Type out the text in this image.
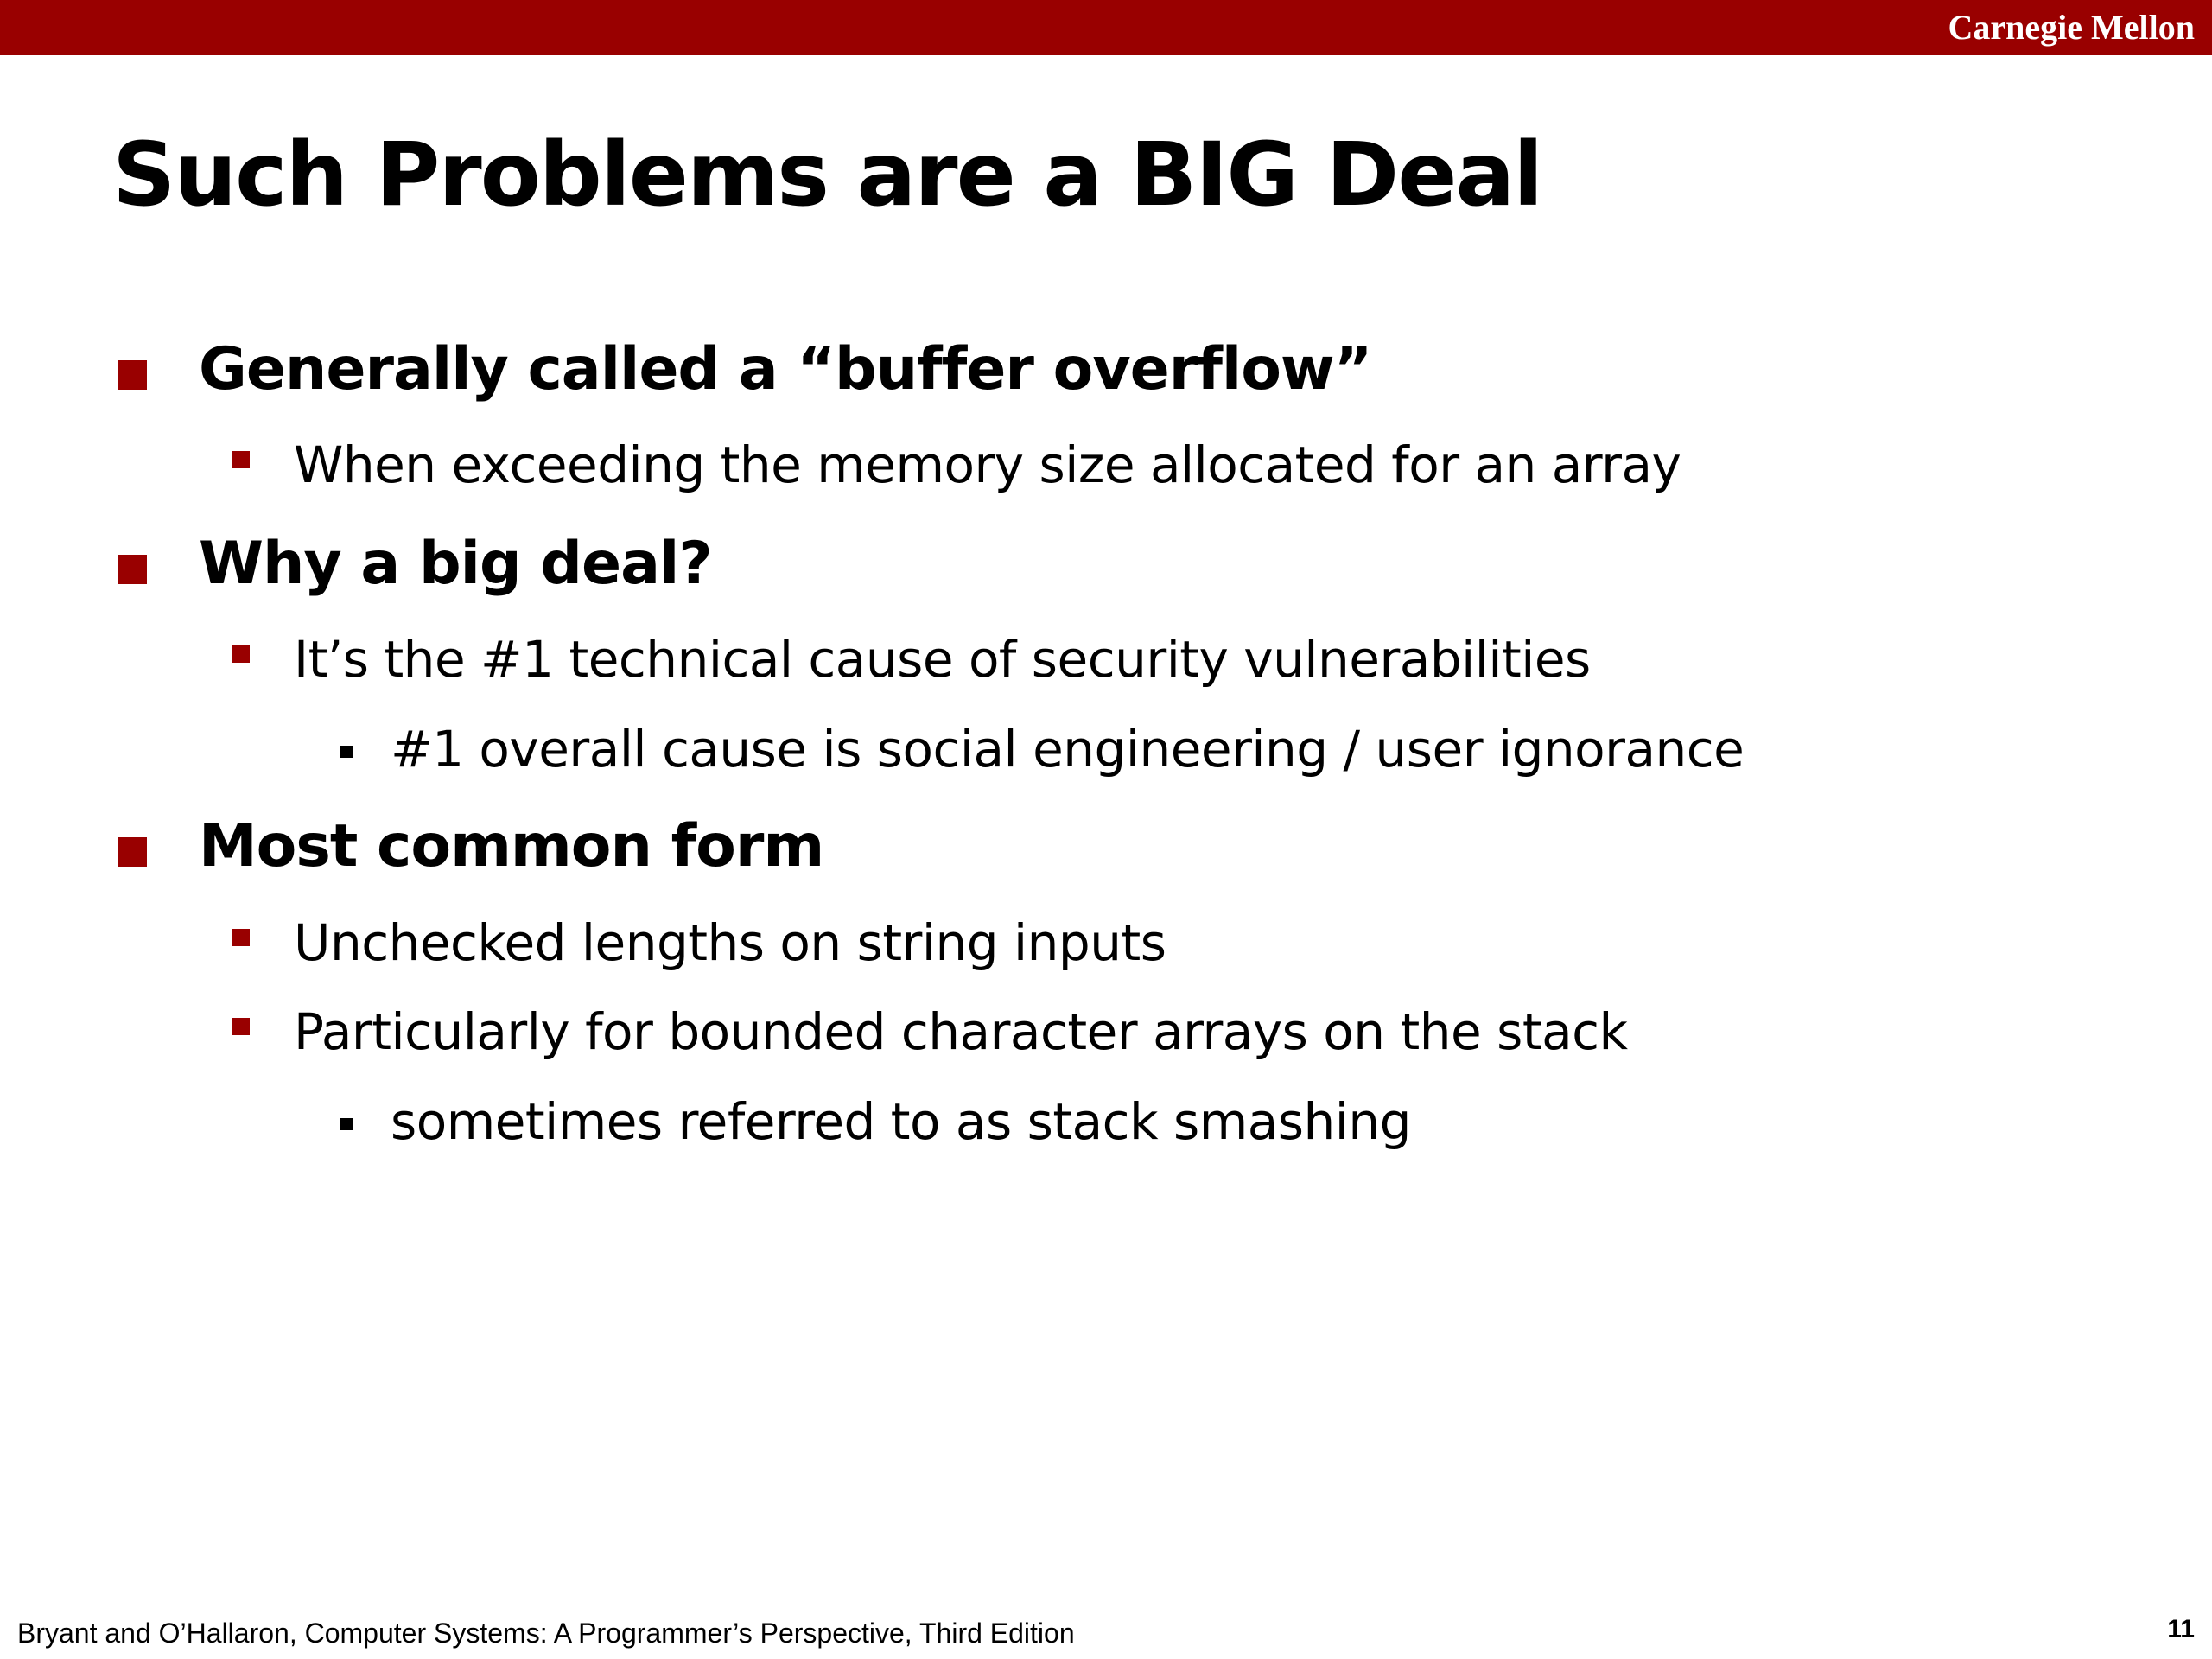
Carnegie Mellon
Such Problems are a BIG Deal
Generally called a “buffer overflow”
When exceeding the memory size allocated for an array
Why a big deal?
It’s the #1 technical cause of security vulnerabilities
#1 overall cause is social engineering / user ignorance
Most common form
Unchecked lengths on string inputs
Particularly for bounded character arrays on the stack
sometimes referred to as stack smashing
Bryant and O’Hallaron, Computer Systems: A Programmer’s Perspective, Third Edition	11
